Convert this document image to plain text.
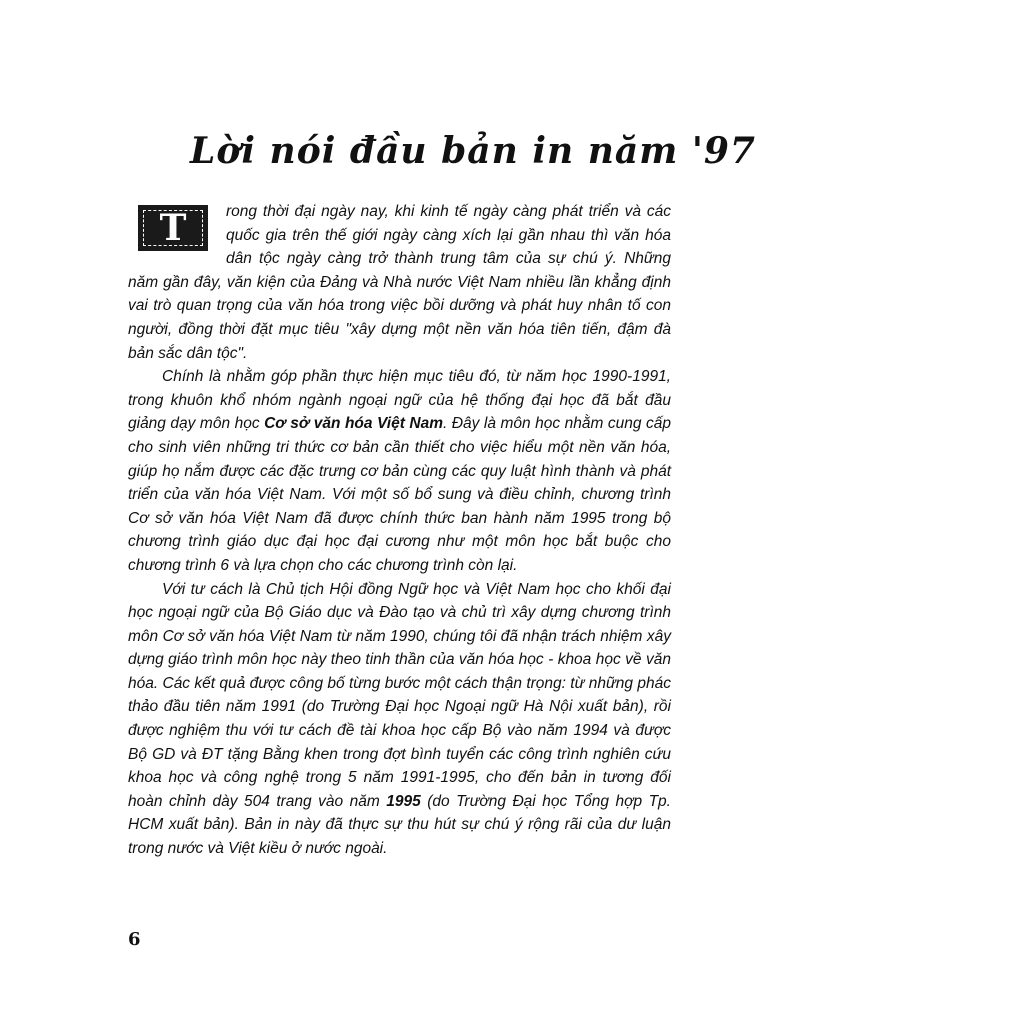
Lời nói đầu bản in năm '97

T	rong thời đại ngày nay, khi kinh tế ngày càng phát triển và các quốc gia trên thế giới ngày càng xích lại gần nhau thì văn hóa dân tộc ngày càng trở thành trung tâm của sự chú ý. Những năm gần đây, văn kiện của Đảng và Nhà nước Việt Nam nhiều lần khẳng định vai trò quan trọng của văn hóa trong việc bồi dưỡng và phát huy nhân tố con người, đồng thời đặt mục tiêu "xây dựng một nền văn hóa tiên tiến, đậm đà bản sắc dân tộc".

Chính là nhằm góp phần thực hiện mục tiêu đó, từ năm học 1990-1991, trong khuôn khổ nhóm ngành ngoại ngữ của hệ thống đại học đã bắt đầu giảng dạy môn học Cơ sở văn hóa Việt Nam. Đây là môn học nhằm cung cấp cho sinh viên những tri thức cơ bản cần thiết cho việc hiểu một nền văn hóa, giúp họ nắm được các đặc trưng cơ bản cùng các quy luật hình thành và phát triển của văn hóa Việt Nam. Với một số bổ sung và điều chỉnh, chương trình Cơ sở văn hóa Việt Nam đã được chính thức ban hành năm 1995 trong bộ chương trình giáo dục đại học đại cương như một môn học bắt buộc cho chương trình 6 và lựa chọn cho các chương trình còn lại.

Với tư cách là Chủ tịch Hội đồng Ngữ học và Việt Nam học cho khối đại học ngoại ngữ của Bộ Giáo dục và Đào tạo và chủ trì xây dựng chương trình môn Cơ sở văn hóa Việt Nam từ năm 1990, chúng tôi đã nhận trách nhiệm xây dựng giáo trình môn học này theo tinh thần của văn hóa học - khoa học về văn hóa. Các kết quả được công bố từng bước một cách thận trọng: từ những phác thảo đầu tiên năm 1991 (do Trường Đại học Ngoại ngữ Hà Nội xuất bản), rồi được nghiệm thu với tư cách đề tài khoa học cấp Bộ vào năm 1994 và được Bộ GD và ĐT tặng Bằng khen trong đợt bình tuyển các công trình nghiên cứu khoa học và công nghệ trong 5 năm 1991-1995, cho đến bản in tương đối hoàn chỉnh dày 504 trang vào năm 1995 (do Trường Đại học Tổng hợp Tp. HCM xuất bản). Bản in này đã thực sự thu hút sự chú ý rộng rãi của dư luận trong nước và Việt kiều ở nước ngoài.

6
